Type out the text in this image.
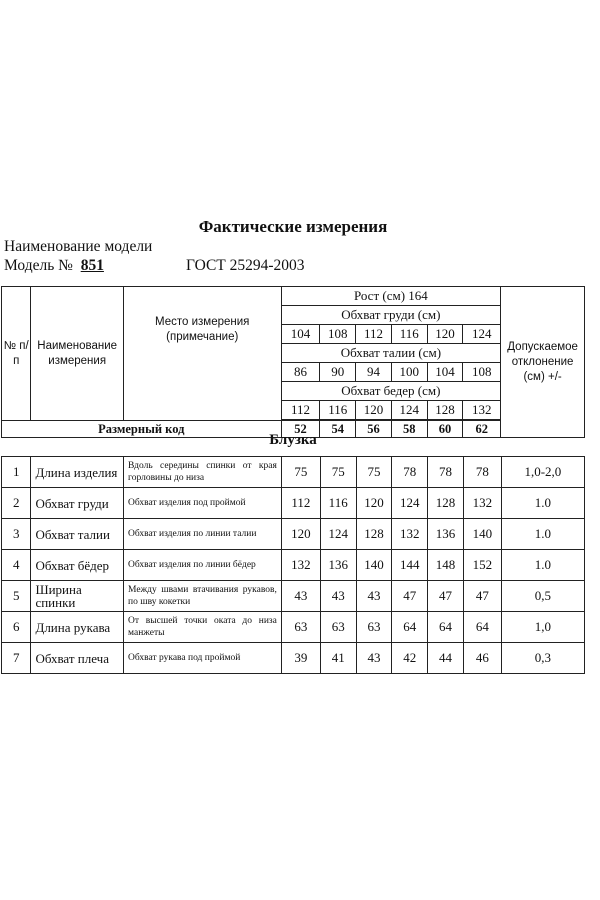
Фактические измерения
Наименование модели
Модель № 851	ГОСТ 25294-2003
№ п/п	Наименование измерения	Место измерения (примечание)	Рост (см) 164						Допускаемое отклонение (см) +/-
			Обхват груди (см)						
			104	108	112	116	120	124	
			Обхват талии (см)						
			86	90	94	100	104	108	
			Обхват бедер (см)						
			112	116	120	124	128	132	

Размерный код			52	54	56	58	60	62	
Блузка
1	Длина изделия	Вдоль середины спинки от края горловины до низа	75	75	75	78	78	78	1,0-2,0
2	Обхват груди	Обхват изделия под проймой	112	116	120	124	128	132	1.0
3	Обхват талии	Обхват изделия по линии талии	120	124	128	132	136	140	1.0
4	Обхват бёдер	Обхват изделия по линии бёдер	132	136	140	144	148	152	1.0
5	Ширина спинки	Между швами втачивания рукавов, по шву кокетки	43	43	43	47	47	47	0,5
6	Длина рукава	От высшей точки оката до низа манжеты	63	63	63	64	64	64	1,0
7	Обхват плеча	Обхват рукава под проймой	39	41	43	42	44	46	0,3
